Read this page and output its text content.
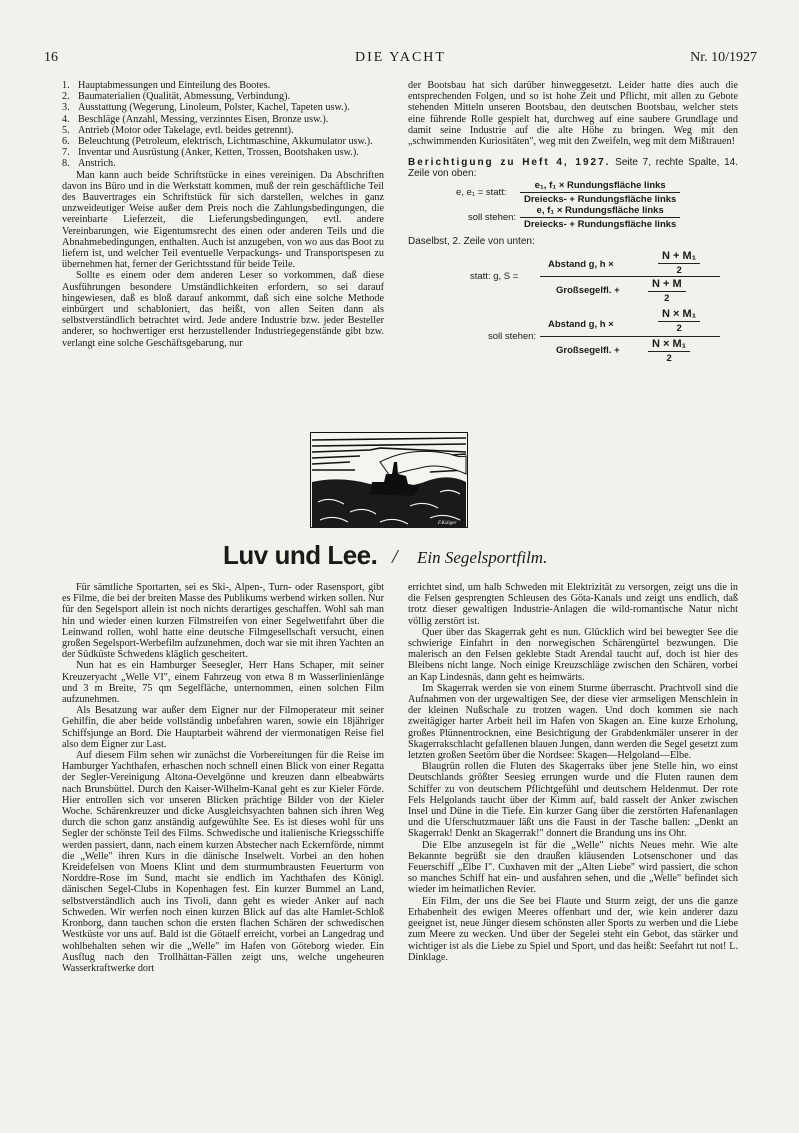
16	DIE YACHT	Nr. 10/1927
1. Hauptabmessungen und Einteilung des Bootes.
2. Baumaterialien (Qualität, Abmessung, Verbindung).
3. Ausstattung (Wegerung, Linoleum, Polster, Kachel, Tapeten usw.).
4. Beschläge (Anzahl, Messing, verzinntes Eisen, Bronze usw.).
5. Antrieb (Motor oder Takelage, evtl. beides getrennt).
6. Beleuchtung (Petroleum, elektrisch, Lichtmaschine, Akkumulator usw.).
7. Inventar und Ausrüstung (Anker, Ketten, Trossen, Bootshaken usw.).
8. Anstrich.

Man kann auch beide Schriftstücke in eines vereinigen. Da Abschriften davon ins Büro und in die Werkstatt kommen, muß der rein geschäftliche Teil des Bauvertrages ein Schriftstück für sich darstellen, welches in ganz unzweideutiger Weise außer dem Preis noch die Zahlungsbedingungen, die vereinbarte Lieferzeit, die Lieferungsbedingungen, evtl. andere Vereinbarungen, wie Eigentumsrecht des einen oder anderen Teils und die Abnahmebedingungen, enthalten. Auch ist anzugeben, von wo aus das Boot zu liefern ist, und welcher Teil eventuelle Verpackungs- und Transportspesen zu übernehmen hat, ferner der Gerichtsstand für beide Teile.

Sollte es einem oder dem anderen Leser so vorkommen, daß diese Ausführungen besondere Umständlichkeiten erfordern, so sei darauf hingewiesen, daß es bloß darauf ankommt, daß sich eine solche Methode einbürgert und schabloniert, das heißt, von allen Seiten dann als selbstverständlich betrachtet wird. Jede andere Industrie bzw. jeder Besteller anderer, so hochwertiger erst herzustellender Industriegegenstände gibt bzw. verlangt eine solche Geschäftsgebarung, nur

der Bootsbau hat sich darüber hinweggesetzt. Leider hatte dies auch die entsprechenden Folgen, und so ist hohe Zeit und Pflicht, mit allen zu Gebote stehenden Mitteln unseren Bootsbau, den deutschen Bootsbau, welcher stets eine führende Rolle gespielt hat, durchweg auf eine saubere Grundlage und damit seine Industrie auf die alte Höhe zu bringen. Weg mit den „schwimmenden Kuriositäten", weg mit den Zweifeln, weg mit dem Mißtrauen!

Berichtigung zu Heft 4, 1927. Seite 7, rechte Spalte, 14. Zeile von oben:
e, e₁ = statt:
e₁, f₁ × Rundungsfläche links
Dreiecks- + Rundungsfläche links
soll stehen:
e, f₁ × Rundungsfläche links
Dreiecks- + Rundungsfläche links
Daselbst, 2. Zeile von unten:
statt: g, S =
Abstand g, h ×	$\frac{\text{N + M₁}}{2}$
Großsegelfl. +	$\frac{N + M}{2}$
soll stehen:
Abstand g, h ×	$\frac{\text{N × M₁}}{2}$
Großsegelfl. +	$\frac{\text{N × M₁}}{2}$
F.Ksliger
Luv und Lee. / Ein Segelsportfilm.

Für sämtliche Sportarten, sei es Ski-, Alpen-, Turn- oder Rasensport, gibt es Filme, die bei der breiten Masse des Publikums werbend wirken sollen. Nur für den Segelsport allein ist noch nichts derartiges geschaffen. Wohl sah man hin und wieder einen kurzen Filmstreifen von einer Segelwettfahrt über die Leinwand rollen, wohl hatte eine deutsche Filmgesellschaft versucht, einen großen Segelsport-Werbefilm aufzunehmen, doch war sie mit ihren Yachten an der Südküste Schwedens kläglich gescheitert.

Nun hat es ein Hamburger Seesegler, Herr Hans Schaper, mit seiner Kreuzeryacht „Welle VI", einem Fahrzeug von etwa 8 m Wasserlinienlänge und 3 m Breite, 75 qm Segelfläche, unternommen, einen solchen Film aufzunehmen.

Als Besatzung war außer dem Eigner nur der Filmoperateur mit seiner Gehilfin, die aber beide vollständig unbefahren waren, sowie ein 18jähriger Schiffsjunge an Bord. Die Hauptarbeit während der viermonatigen Reise fiel also dem Eigner zur Last.

Auf diesem Film sehen wir zunächst die Vorbereitungen für die Reise im Hamburger Yachthafen, erhaschen noch schnell einen Blick von einer Regatta der Segler-Vereinigung Altona-Oevelgönne und kreuzen dann elbeabwärts nach Brunsbüttel. Durch den Kaiser-Wilhelm-Kanal geht es zur Kieler Förde. Hier entrollen sich vor unseren Blicken prächtige Bilder von der Kieler Woche. Schärenkreuzer und dicke Ausgleichsyachten bahnen sich ihren Weg durch die schon ganz anständig aufgewühlte See. Es ist dieses wohl für uns Segler der schönste Teil des Films. Schwedische und italienische Kriegsschiffe werden passiert, dann, nach einem kurzen Abstecher nach Eckernförde, nimmt die „Welle" ihren Kurs in die dänische Inselwelt. Vorbei an den hohen Kreidefelsen von Moens Klint und dem sturmumbrausten Feuerturm von Norddre-Rose im Sund, macht sie endlich im Yachthafen des Königl. dänischen Segel-Clubs in Kopenhagen fest. Ein kurzer Bummel an Land, selbstverständlich auch ins Tivoli, dann geht es wieder Anker auf nach Schweden. Wir werfen noch einen kurzen Blick auf das alte Hamlet-Schloß Kronborg, dann tauchen schon die ersten flachen Schären der schwedischen Westküste vor uns auf. Bald ist die Götaelf erreicht, vorbei an Langedrag und wohlbehalten sehen wir die „Welle" im Hafen von Göteborg wieder. Ein Ausflug nach den Trollhättan-Fällen zeigt uns, welche ungeheuren Wasserkraftwerke dort

errichtet sind, um halb Schweden mit Elektrizität zu versorgen, zeigt uns die in die Felsen gesprengten Schleusen des Göta-Kanals und zeigt uns endlich, daß trotz dieser gewaltigen Industrie-Anlagen die wild-romantische Natur nicht völlig zerstört ist.

Quer über das Skagerrak geht es nun. Glücklich wird bei bewegter See die schwierige Einfahrt in den norwegischen Schärengürtel bezwungen. Die malerisch an den Felsen geklebte Stadt Arendal taucht auf, doch ist hier des Bleibens nicht lange. Noch einige Kreuzschläge zwischen den Schären, vorbei an Kap Lindesnäs, dann geht es heimwärts.

Im Skagerrak werden sie von einem Sturme überrascht. Prachtvoll sind die Aufnahmen von der urgewaltigen See, der diese vier armseligen Menschlein in der kleinen Nußschale zu trotzen wagen. Und doch kommen sie nach zweitägiger harter Arbeit heil im Hafen von Skagen an. Eine kurze Erholung, großes Plünnentrocknen, eine Besichtigung der Grabdenkmäler unserer in der Skagerrakschlacht gefallenen blauen Jungen, dann werden die Segel gesetzt zum letzten großen Seetörn über die Nordsee: Skagen—Helgoland—Elbe.

Blaugrün rollen die Fluten des Skagerraks über jene Stelle hin, wo einst Deutschlands größter Seesieg errungen wurde und die Fluten raunen dem Schiffer zu von deutschem Pflichtgefühl und deutschem Heldenmut. Der rote Fels Helgolands taucht über der Kimm auf, bald rasselt der Anker zwischen Insel und Düne in die Tiefe. Ein kurzer Gang über die zerstörten Hafenanlagen und die Uferschutzmauer läßt uns die Faust in der Tasche ballen: „Denkt an Skagerrak! Denkt an Skagerrak!" donnert die Brandung uns ins Ohr.

Die Elbe anzusegeln ist für die „Welle" nichts Neues mehr. Wie alte Bekannte begrüßt sie den draußen kläusenden Lotsenschoner und das Feuerschiff „Elbe I". Cuxhaven mit der „Alten Liebe" wird passiert, die schon so manches Schiff hat ein- und ausfahren sehen, und die „Welle" befindet sich wieder im heimatlichen Revier.

Ein Film, der uns die See bei Flaute und Sturm zeigt, der uns die ganze Erhabenheit des ewigen Meeres offenbart und der, wie kein anderer dazu geeignet ist, neue Jünger diesem schönsten aller Sports zu werben und die Liebe zum Meere zu wecken. Und über der Segelei steht ein Gebot, das stärker und wichtiger ist als die Liebe zu Spiel und Sport, und das heißt: Seefahrt tut not! L. Dinklage.
